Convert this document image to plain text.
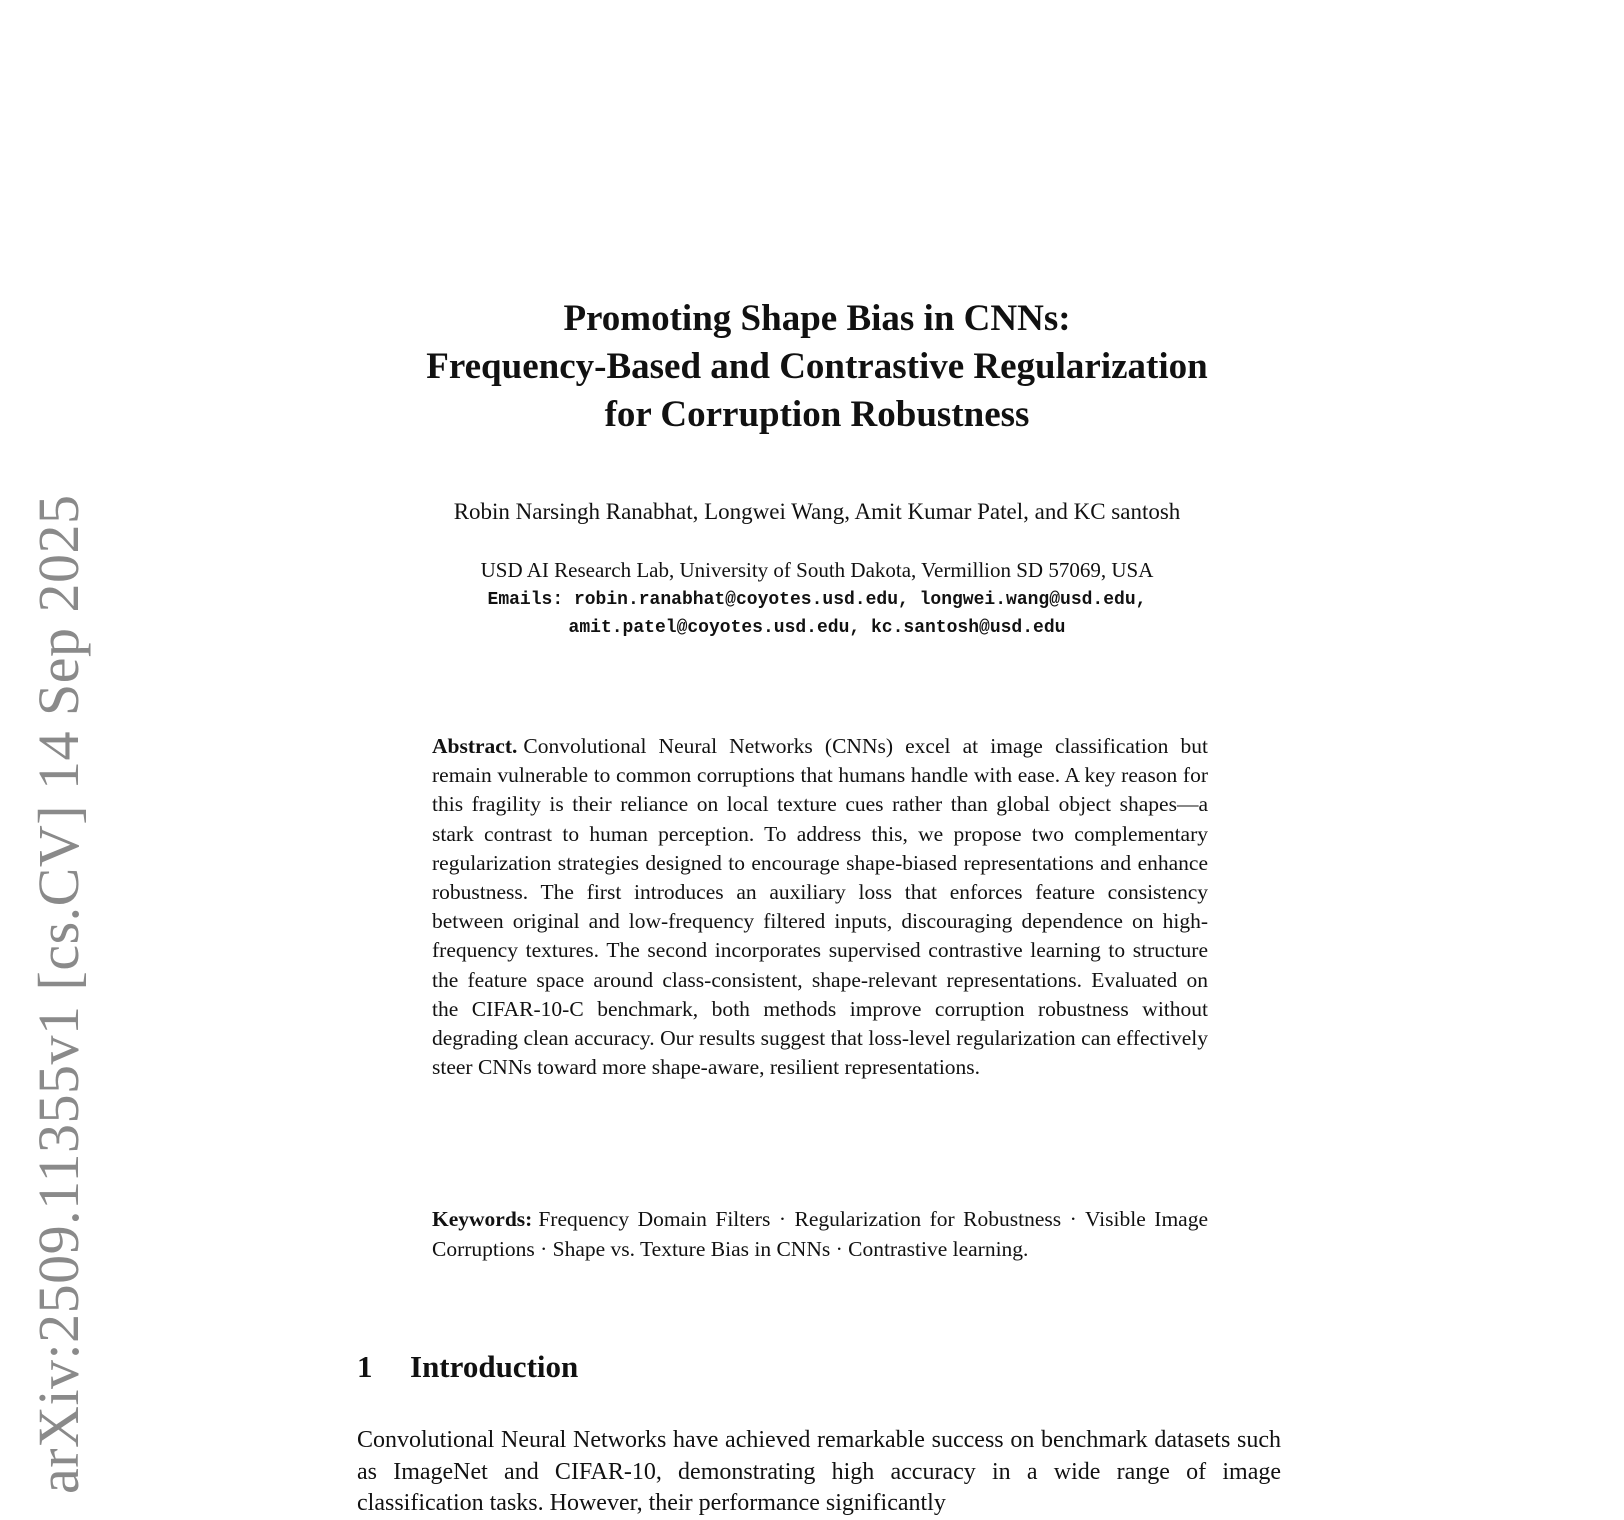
arXiv:2509.11355v1 [cs.CV] 14 Sep 2025
Promoting Shape Bias in CNNs:
Frequency-Based and Contrastive Regularization
for Corruption Robustness
Robin Narsingh Ranabhat, Longwei Wang, Amit Kumar Patel, and KC santosh
USD AI Research Lab, University of South Dakota, Vermillion SD 57069, USA
Emails: robin.ranabhat@coyotes.usd.edu, longwei.wang@usd.edu,
amit.patel@coyotes.usd.edu, kc.santosh@usd.edu

Abstract. Convolutional Neural Networks (CNNs) excel at image classification but remain vulnerable to common corruptions that humans handle with ease. A key reason for this fragility is their reliance on local texture cues rather than global object shapes—a stark contrast to human perception. To address this, we propose two complementary regularization strategies designed to encourage shape-biased representations and enhance robustness. The first introduces an auxiliary loss that enforces feature consistency between original and low-frequency filtered inputs, discouraging dependence on high-frequency textures. The second incorporates supervised contrastive learning to structure the feature space around class-consistent, shape-relevant representations. Evaluated on the CIFAR-10-C benchmark, both methods improve corruption robustness without degrading clean accuracy. Our results suggest that loss-level regularization can effectively steer CNNs toward more shape-aware, resilient representations.

Keywords: Frequency Domain Filters · Regularization for Robustness · Visible Image Corruptions · Shape vs. Texture Bias in CNNs · Contrastive learning.

1 Introduction

Convolutional Neural Networks have achieved remarkable success on benchmark datasets such as ImageNet and CIFAR-10, demonstrating high accuracy in a wide range of image classification tasks. However, their performance significantly
